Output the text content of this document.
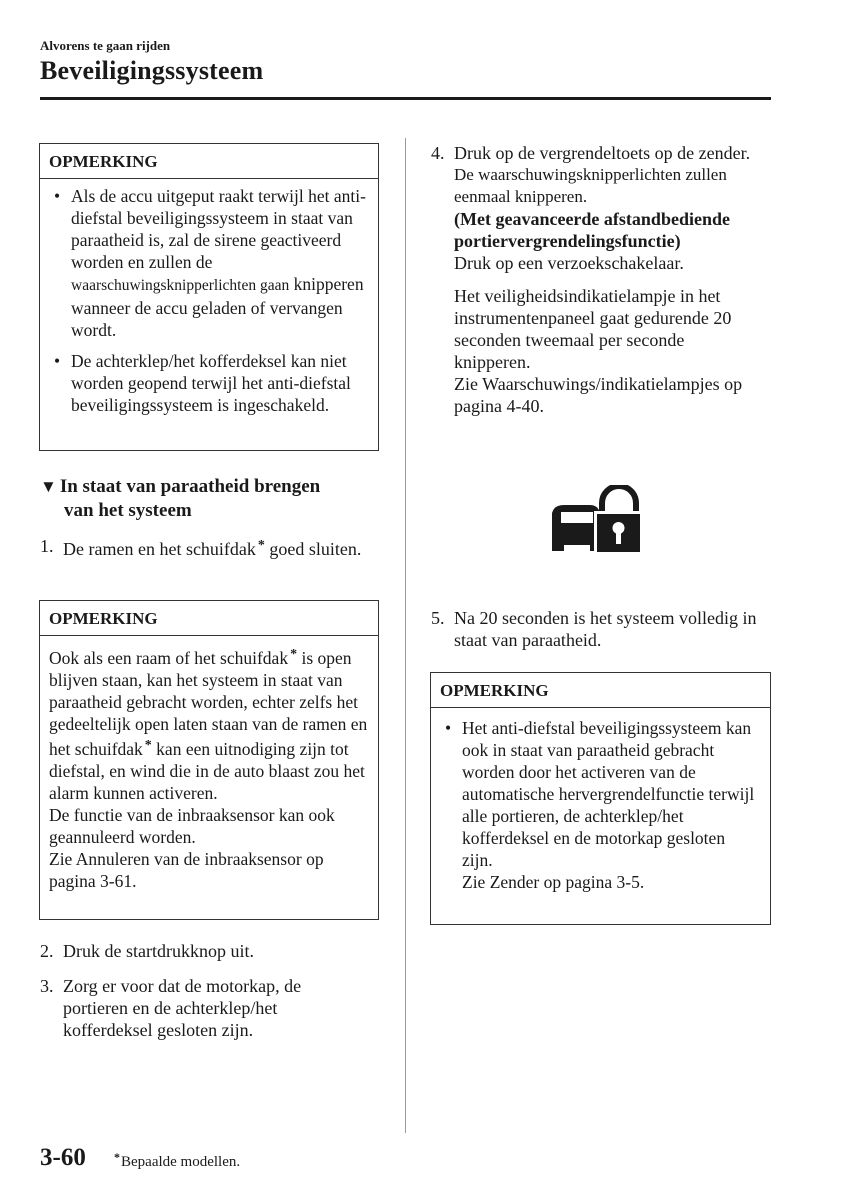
Alvorens te gaan rijden
Beveiligingssysteem
OPMERKING
• Als de accu uitgeput raakt terwijl het anti-diefstal beveiligingssysteem in staat van paraatheid is, zal de sirene geactiveerd worden en zullen de waarschuwingsknipperlichten gaan knipperen wanneer de accu geladen of vervangen wordt.
• De achterklep/het kofferdeksel kan niet worden geopend terwijl het anti-diefstal beveiligingssysteem is ingeschakeld.
▼ In staat van paraatheid brengen
van het systeem
1. De ramen en het schuifdak * goed sluiten.
OPMERKING
Ook als een raam of het schuifdak * is open blijven staan, kan het systeem in staat van paraatheid gebracht worden, echter zelfs het gedeeltelijk open laten staan van de ramen en het schuifdak * kan een uitnodiging zijn tot diefstal, en wind die in de auto blaast zou het alarm kunnen activeren.
De functie van de inbraaksensor kan ook geannuleerd worden.
Zie Annuleren van de inbraaksensor op pagina 3-61.
2. Druk de startdrukknop uit.
3. Zorg er voor dat de motorkap, de portieren en de achterklep/het kofferdeksel gesloten zijn.
4. Druk op de vergrendeltoets op de zender.
De waarschuwingsknipperlichten zullen eenmaal knipperen.
(Met geavanceerde afstandbediende portiervergrendelingsfunctie)
Druk op een verzoekschakelaar.
Het veiligheidsindikatielampje in het instrumentenpaneel gaat gedurende 20 seconden tweemaal per seconde knipperen.
Zie Waarschuwings/indikatielampjes op pagina 4-40.
5. Na 20 seconden is het systeem volledig in staat van paraatheid.
OPMERKING
• Het anti-diefstal beveiligingssysteem kan ook in staat van paraatheid gebracht worden door het activeren van de automatische hervergrendelfunctie terwijl alle portieren, de achterklep/het kofferdeksel en de motorkap gesloten zijn.
Zie Zender op pagina 3-5.
3-60 *Bepaalde modellen.
